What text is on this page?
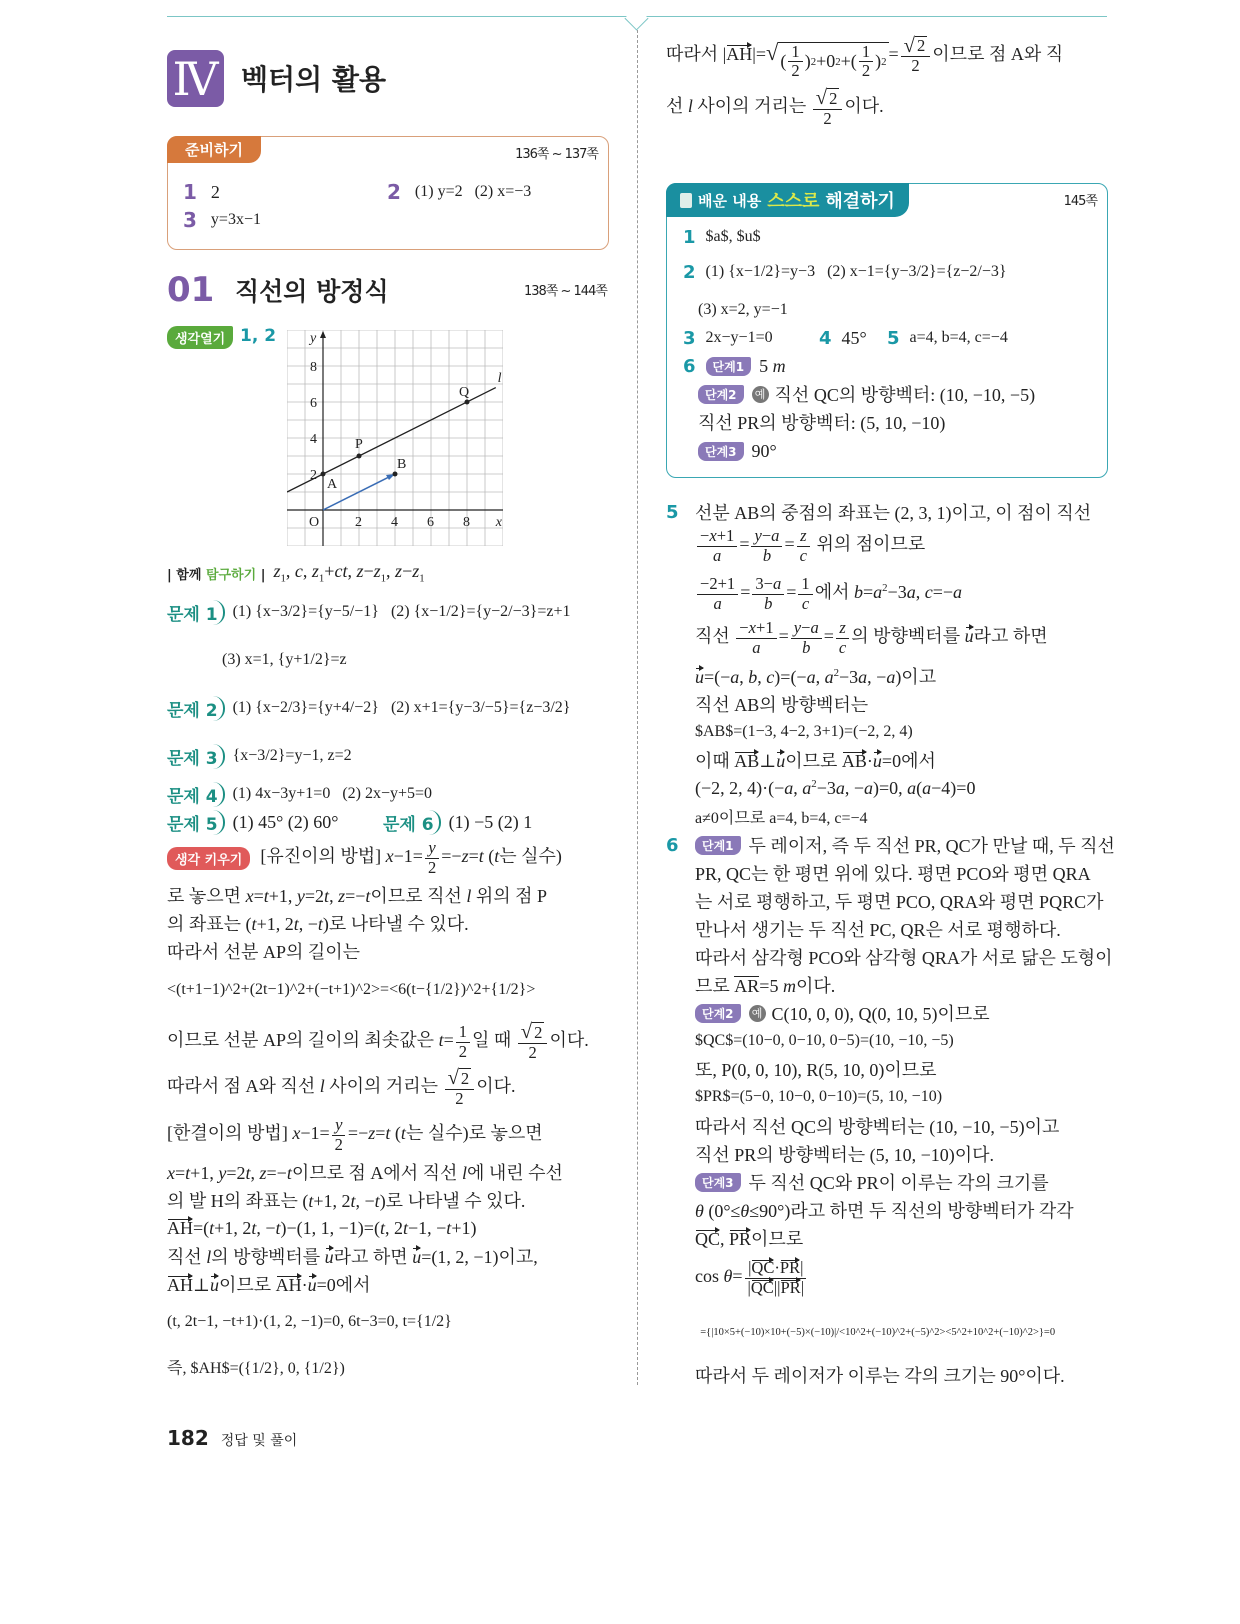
Ⅳ 벡터의 활용
준비하기	136쪽 ~ 137쪽
1 2	2 (1) y=2   (2) x=−3
3 y=3x−1
01 직선의 방정식	138쪽 ~ 144쪽
생각열기 1, 2
2 4 6 8
2
4
6
8
O	x
y
l
A
P
Q
B
| 함께 탐구하기 | $z_1$, c, $z_1+ct$, $z-z_1$, $z-z_1$
문제 1 (1) {x−3/2}={y−5/−1}   (2) {x−1/2}={y−2/−3}=z+1
(3) x=1, {y+1/2}=z
문제 2 (1) {x−2/3}={y+4/−2}   (2) x+1={y−3/−5}={z−3/2}
문제 3 {x−3/2}=y−1, z=2
문제 4 (1) 4x−3y+1=0   (2) 2x−y+5=0
문제 5 (1) 45° (2) 60°	문제 6 (1) −5 (2) 1
생각 키우기	[유진이의 방법] $x-1= \frac{y}{2} =-z=t$ (t는 실수)
로 놓으면 x=t+1, y=2t, z=−t이므로 직선 l 위의 점 P
의 좌표는 (t+1, 2t, −t)로 나타낼 수 있다.
따라서 선분 AP의 길이는
<(t+1−1)^2+(2t−1)^2+(−t+1)^2>=<6(t−{1/2})^2+{1/2}>
이므로 선분 AP의 길이의 최솟값은 $t= \frac{1}{2}$ 일 때 $\frac{√ 2}{2}$ 이다.
따라서 점 A와 직선 l 사이의 거리는 $\frac{√ 2}{2}$ 이다.
[한결이의 방법] $x-1= \frac{y}{2} =-z=t$ (t는 실수)로 놓으면
x=t+1, y=2t, z=−t이므로 점 A에서 직선 l에 내린 수선
의 발 H의 좌표는 (t+1, 2t, −t)로 나타낼 수 있다.
AH=(t+1, 2t, −t)−(1, 1, −1)=(t, 2t−1, −t+1)
직선 l의 방향벡터를 u라고 하면 u=(1, 2, −1)이고,
AH⊥u이므로 AH·u=0에서
(t, 2t−1, −t+1)·(1, 2, −1)=0, 6t−3=0, t={1/2}
즉, $AH$=({1/2}, 0, {1/2})
따라서 |AH|= √ ( $\frac{1}{2}$ ) 2 +0 2 +( $\frac{1}{2}$ ) $2 = \frac{√ 2}{2}$ 이므로 점 A와 직
선 l 사이의 거리는 $\frac{√ 2}{2}$ 이다.
배운 내용 스스로 해결하기	145쪽
1 $a$, $u$
2 (1) {x−1/2}=y−3   (2) x−1={y−3/2}={z−2/−3}
(3) x=2, y=−1
3 2x−y−1=0	4 45° 5 a=4, b=4, c=−4
6	단계1 5 m
단계2	예 직선 QC의 방향벡터: (10, −10, −5)
직선 PR의 방향벡터: (5, 10, −10)
단계3 90°
선분 AB의 중점의 좌표는 (2, 3, 1)이고, 이 점이 직선
$\frac{-x+1}{a} = \frac{y-a}{b} = \frac{z}{c}$ 위의 점이므로
$\frac{-2+1}{a} = \frac{3-a}{b} = \frac{1}{c}$ 에서 $b=a^2-3a$, c=−a
직선 $\frac{-x+1}{a} = \frac{y-a}{b} = \frac{z}{c}$ 의 방향벡터를 u라고 하면
u=(−a, b, c)=(−a, $a^2-3a$, −a)이고
직선 AB의 방향벡터는
$AB$=(1−3, 4−2, 3+1)=(−2, 2, 4)
이때 AB⊥u이므로 AB·u=0에서
(−2, 2, 4)·(−a, $a^2-3a$, −a)=0, a(a−4)=0
a≠0이므로 a=4, b=4, c=−4
5
단계1 두 레이저, 즉 두 직선 PR, QC가 만날 때, 두 직선
PR, QC는 한 평면 위에 있다. 평면 PCO와 평면 QRA
는 서로 평행하고, 두 평면 PCO, QRA와 평면 PQRC가
만나서 생기는 두 직선 PC, QR은 서로 평행하다.
따라서 삼각형 PCO와 삼각형 QRA가 서로 닮은 도형이
므로 AR=5 m이다.
단계2	예 C(10, 0, 0), Q(0, 10, 5)이므로
$QC$=(10−0, 0−10, 0−5)=(10, −10, −5)
또, P(0, 0, 10), R(5, 10, 0)이므로
$PR$=(5−0, 10−0, 0−10)=(5, 10, −10)
따라서 직선 QC의 방향벡터는 (10, −10, −5)이고
직선 PR의 방향벡터는 (5, 10, −10)이다.
단계3 두 직선 QC와 PR이 이루는 각의 크기를
θ (0°≤θ≤90°)라고 하면 두 직선의 방향벡터가 각각
QC, PR이므로
$\cos \theta= \frac{|QC\cdot PR|}{|QC||PR|}$
={|10×5+(−10)×10+(−5)×(−10)|/<10^2+(−10)^2+(−5)^2><5^2+10^2+(−10)^2>}=0
따라서 두 레이저가 이루는 각의 크기는 90°이다.
6
182 정답 및 풀이
